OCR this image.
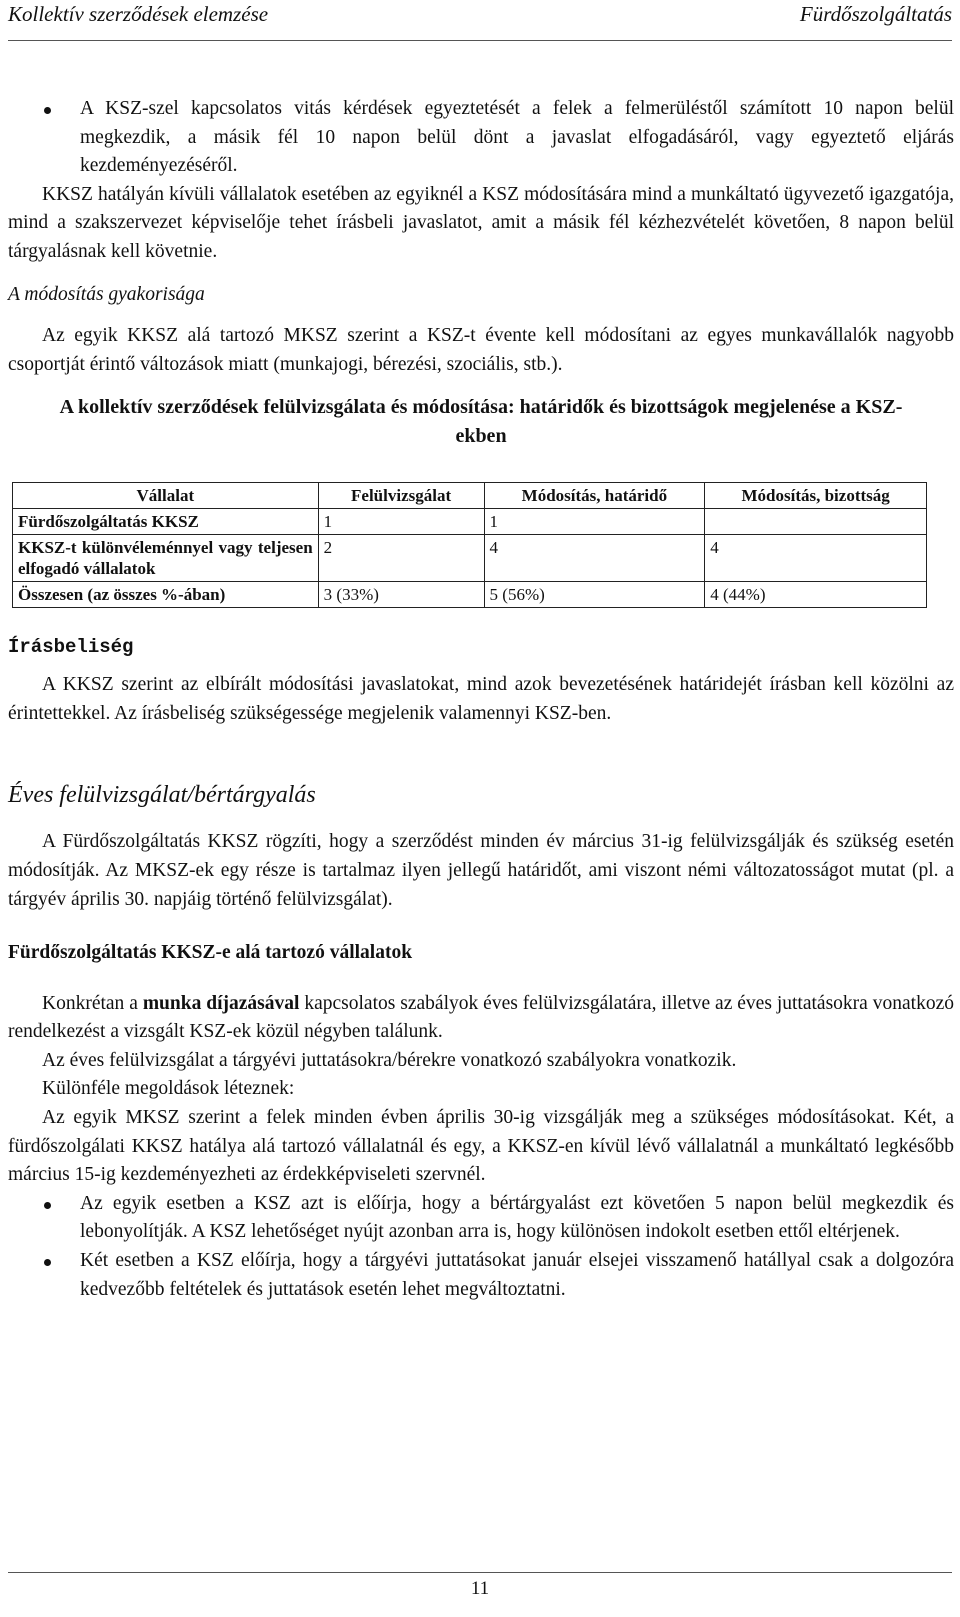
Kollektív szerződések elemzése	Fürdőszolgáltatás

A KSZ-szel kapcsolatos vitás kérdések egyeztetését a felek a felmerüléstől számított 10 napon belül megkezdik, a másik fél 10 napon belül dönt a javaslat elfogadásáról, vagy egyeztető eljárás kezdeményezéséről.

KKSZ hatályán kívüli vállalatok esetében az egyiknél a KSZ módosítására mind a munkáltató ügyvezető igazgatója, mind a szakszervezet képviselője tehet írásbeli javaslatot, amit a másik fél kézhezvételét követően, 8 napon belül tárgyalásnak kell követnie.

A módosítás gyakorisága

Az egyik KKSZ alá tartozó MKSZ szerint a KSZ-t évente kell módosítani az egyes munkavállalók nagyobb csoportját érintő változások miatt (munkajogi, bérezési, szociális, stb.).

A kollektív szerződések felülvizsgálata és módosítása: határidők és bizottságok megjelenése a KSZ-ekben

Vállalat	Felülvizsgálat	Módosítás, határidő	Módosítás, bizottság
Fürdőszolgáltatás KKSZ	1	1	
KKSZ-t különvéleménnyel vagy teljesen elfogadó vállalatok	2	4	4
Összesen (az összes %-ában)	3 (33%)	5 (56%)	4 (44%)

Írásbeliség

A KKSZ szerint az elbírált módosítási javaslatokat, mind azok bevezetésének határidejét írásban kell közölni az érintettekkel. Az írásbeliség szükségessége megjelenik valamennyi KSZ-ben.

Éves felülvizsgálat/bértárgyalás

A Fürdőszolgáltatás KKSZ rögzíti, hogy a szerződést minden év március 31-ig felülvizsgálják és szükség esetén módosítják. Az MKSZ-ek egy része is tartalmaz ilyen jellegű határidőt, ami viszont némi változatosságot mutat (pl. a tárgyév április 30. napjáig történő felülvizsgálat).

Fürdőszolgáltatás KKSZ-e alá tartozó vállalatok

Konkrétan a munka díjazásával kapcsolatos szabályok éves felülvizsgálatára, illetve az éves juttatásokra vonatkozó rendelkezést a vizsgált KSZ-ek közül négyben találunk.

Az éves felülvizsgálat a tárgyévi juttatásokra/bérekre vonatkozó szabályokra vonatkozik.

Különféle megoldások léteznek:

Az egyik MKSZ szerint a felek minden évben április 30-ig vizsgálják meg a szükséges módosításokat. Két, a fürdőszolgálati KKSZ hatálya alá tartozó vállalatnál és egy, a KKSZ-en kívül lévő vállalatnál a munkáltató legkésőbb március 15-ig kezdeményezheti az érdekképviseleti szervnél.

Az egyik esetben a KSZ azt is előírja, hogy a bértárgyalást ezt követően 5 napon belül megkezdik és lebonyolítják. A KSZ lehetőséget nyújt azonban arra is, hogy különösen indokolt esetben ettől eltérjenek.

Két esetben a KSZ előírja, hogy a tárgyévi juttatásokat január elsejei visszamenő hatállyal csak a dolgozóra kedvezőbb feltételek és juttatások esetén lehet megváltoztatni.

11
